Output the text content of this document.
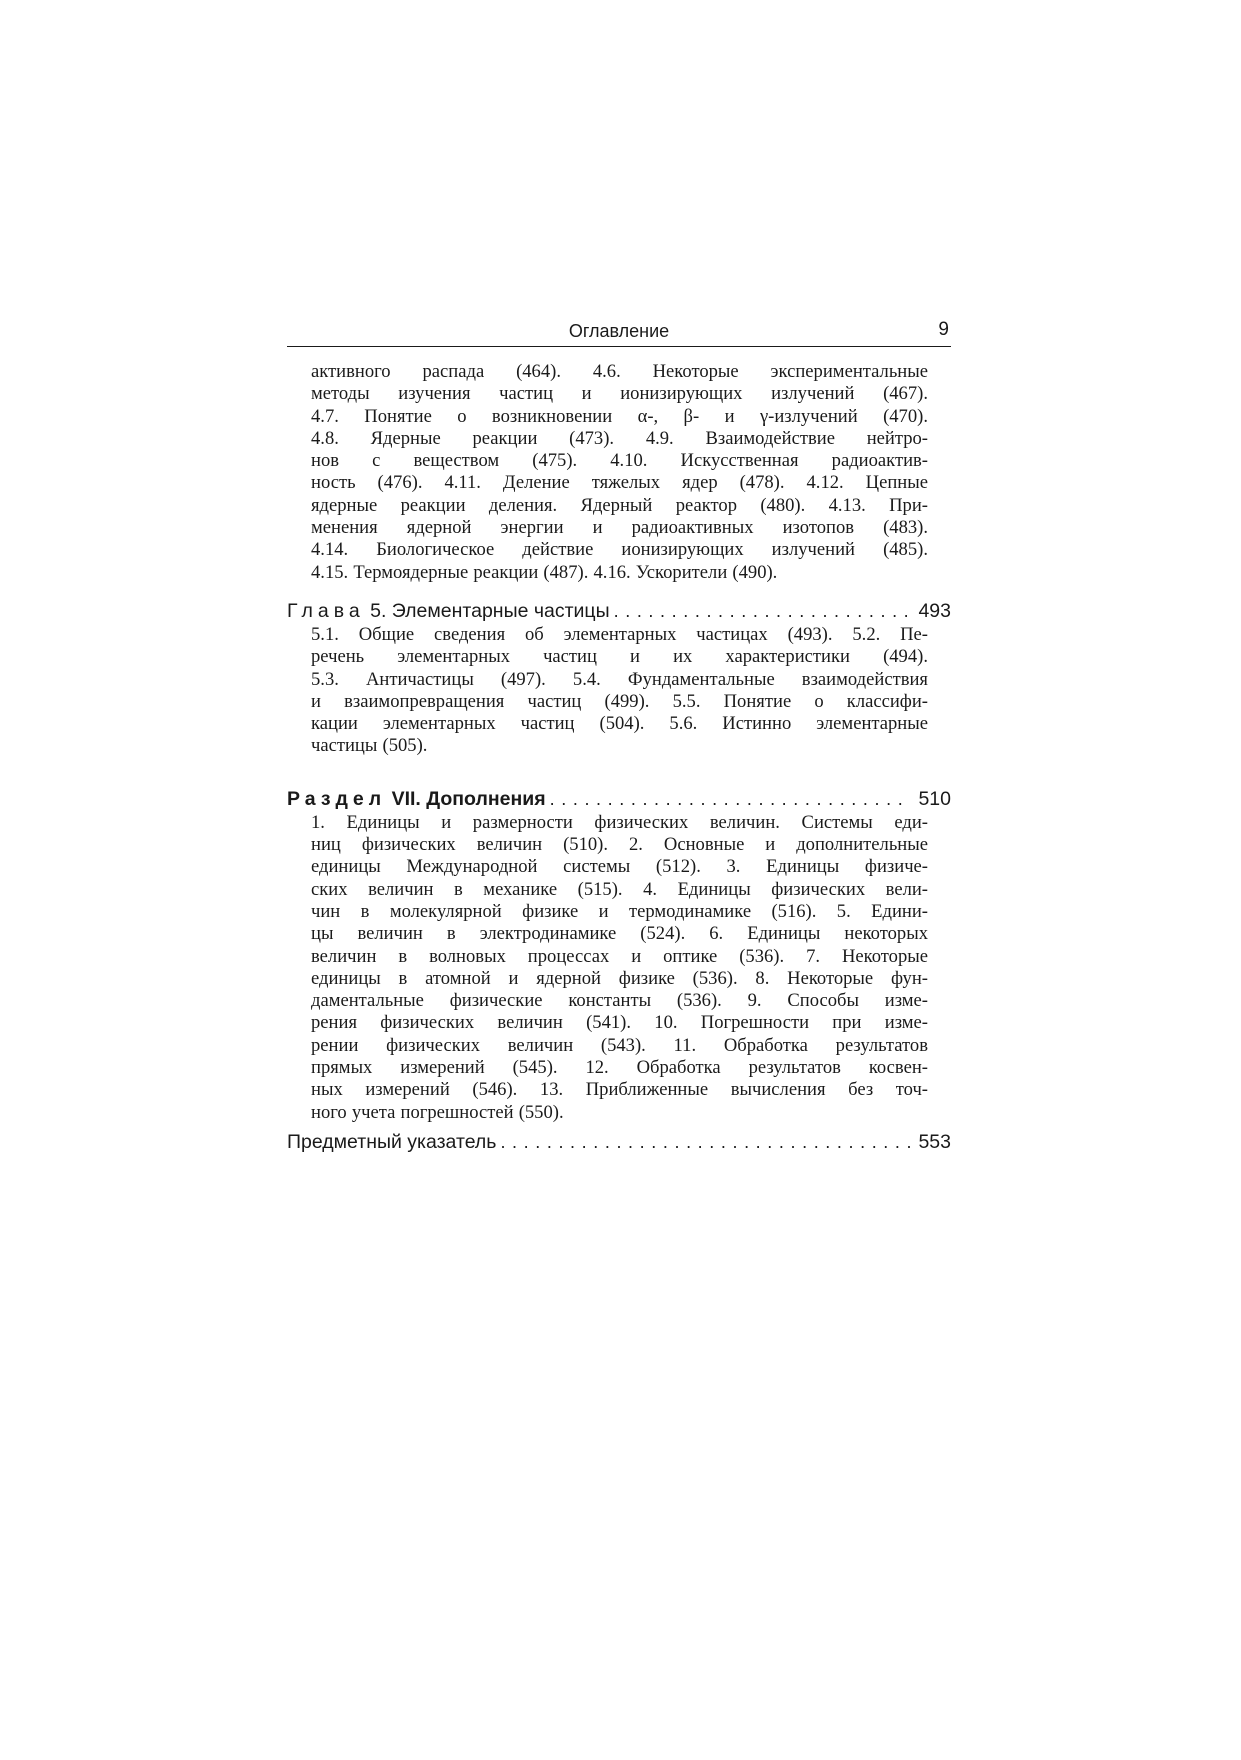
Оглавление	9
активного распада (464). 4.6. Некоторые экспериментальные
методы изучения частиц и ионизирующих излучений (467).
4.7. Понятие о возникновении α-, β- и γ-излучений (470).
4.8. Ядерные реакции (473). 4.9. Взаимодействие нейтро-
нов с веществом (475). 4.10. Искусственная радиоактив-
ность (476). 4.11. Деление тяжелых ядер (478). 4.12. Цепные
ядерные реакции деления. Ядерный реактор (480). 4.13. При-
менения ядерной энергии и радиоактивных изотопов (483).
4.14. Биологическое действие ионизирующих излучений (485).
4.15. Термоядерные реакции (487). 4.16. Ускорители (490).
Глава 5. Элементарные частицы . . .	493
5.1. Общие сведения об элементарных частицах (493). 5.2. Пе-
речень элементарных частиц и их характеристики (494).
5.3. Античастицы (497). 5.4. Фундаментальные взаимодействия
и взаимопревращения частиц (499). 5.5. Понятие о классифи-
кации элементарных частиц (504). 5.6. Истинно элементарные
частицы (505).
Раздел VII. Дополнения . . .	510
1. Единицы и размерности физических величин. Системы еди-
ниц физических величин (510). 2. Основные и дополнительные
единицы Международной системы (512). 3. Единицы физиче-
ских величин в механике (515). 4. Единицы физических вели-
чин в молекулярной физике и термодинамике (516). 5. Едини-
цы величин в электродинамике (524). 6. Единицы некоторых
величин в волновых процессах и оптике (536). 7. Некоторые
единицы в атомной и ядерной физике (536). 8. Некоторые фун-
даментальные физические константы (536). 9. Способы изме-
рения физических величин (541). 10. Погрешности при изме-
рении физических величин (543). 11. Обработка результатов
прямых измерений (545). 12. Обработка результатов косвен-
ных измерений (546). 13. Приближенные вычисления без точ-
ного учета погрешностей (550).
Предметный указатель . . .	553
